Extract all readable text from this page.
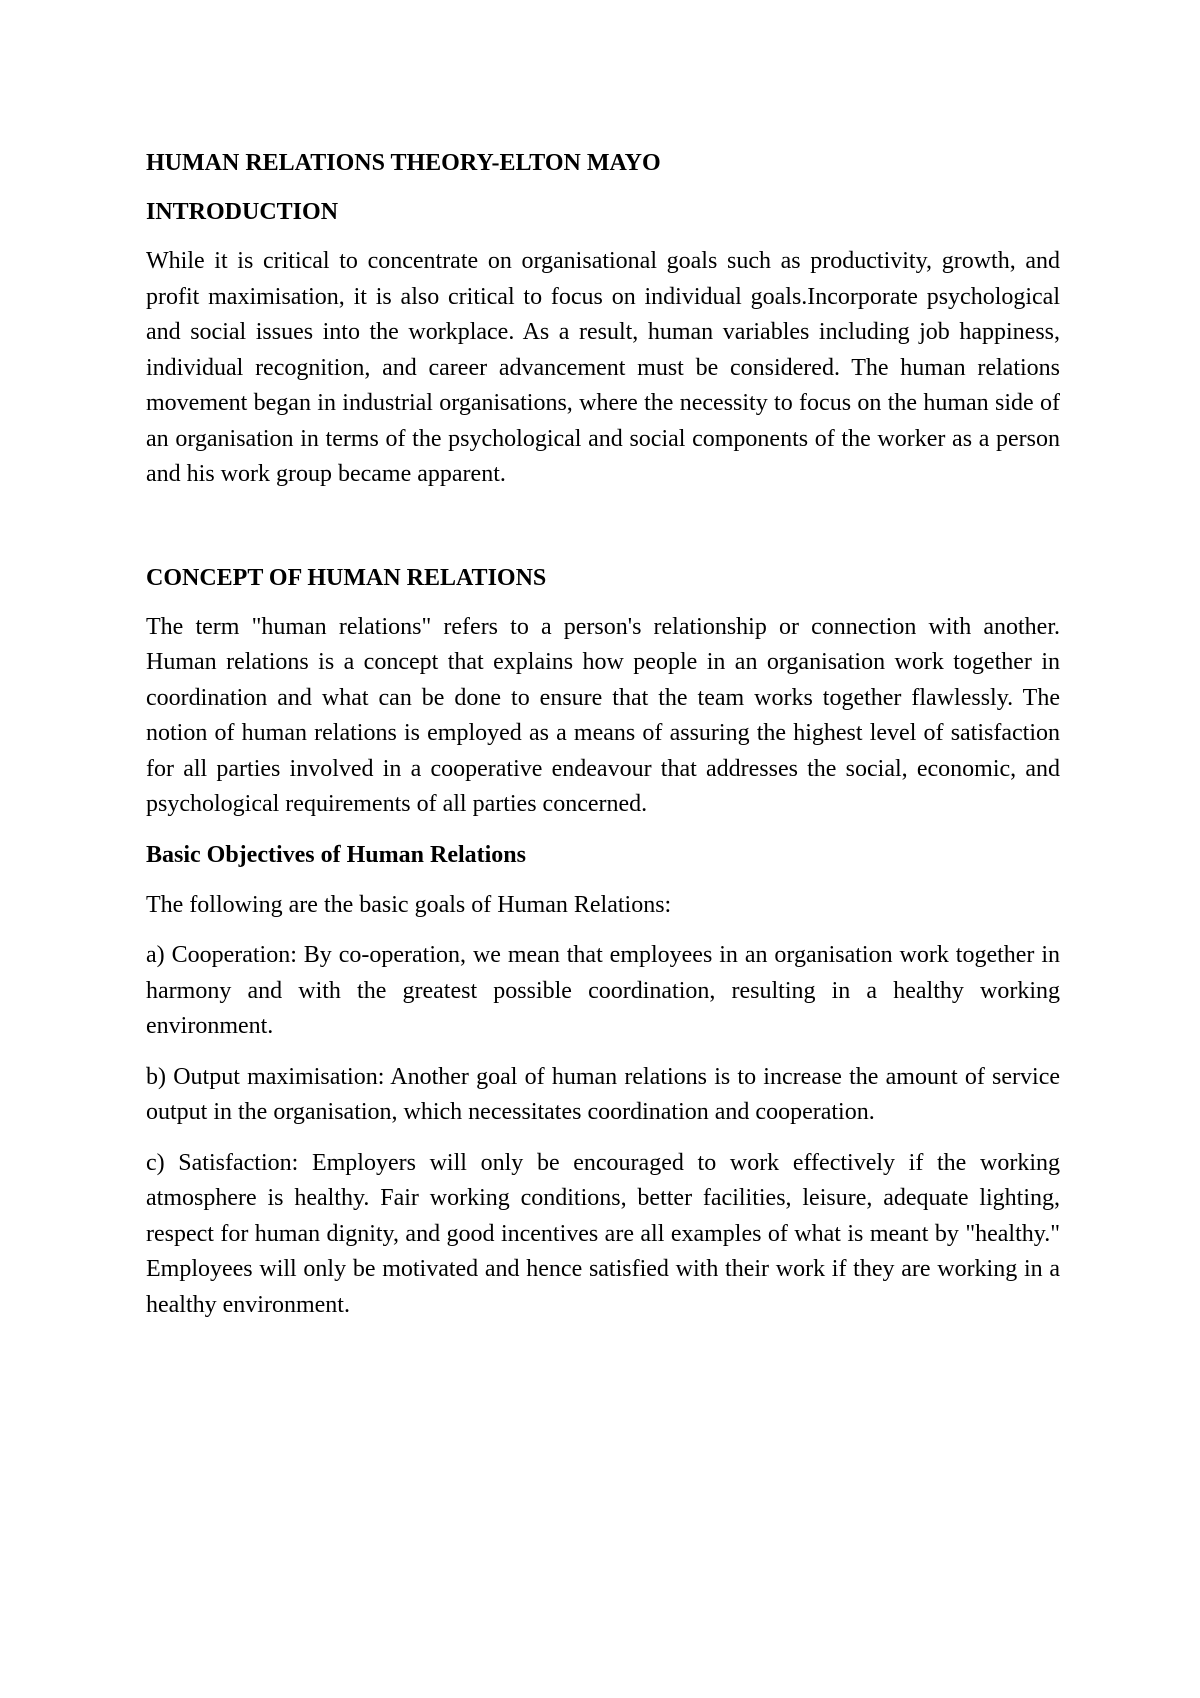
HUMAN RELATIONS THEORY-ELTON MAYO

INTRODUCTION

While it is critical to concentrate on organisational goals such as productivity, growth, and profit maximisation, it is also critical to focus on individual goals.Incorporate psychological and social issues into the workplace. As a result, human variables including job happiness, individual recognition, and career advancement must be considered. The human relations movement began in industrial organisations, where the necessity to focus on the human side of an organisation in terms of the psychological and social components of the worker as a person and his work group became apparent.

CONCEPT OF HUMAN RELATIONS

The term "human relations" refers to a person's relationship or connection with another. Human relations is a concept that explains how people in an organisation work together in coordination and what can be done to ensure that the team works together flawlessly. The notion of human relations is employed as a means of assuring the highest level of satisfaction for all parties involved in a cooperative endeavour that addresses the social, economic, and psychological requirements of all parties concerned.

Basic Objectives of Human Relations

The following are the basic goals of Human Relations:

a) Cooperation: By co-operation, we mean that employees in an organisation work together in harmony and with the greatest possible coordination, resulting in a healthy working environment.

b) Output maximisation: Another goal of human relations is to increase the amount of service output in the organisation, which necessitates coordination and cooperation.

c) Satisfaction: Employers will only be encouraged to work effectively if the working atmosphere is healthy. Fair working conditions, better facilities, leisure, adequate lighting, respect for human dignity, and good incentives are all examples of what is meant by "healthy." Employees will only be motivated and hence satisfied with their work if they are working in a healthy environment.
